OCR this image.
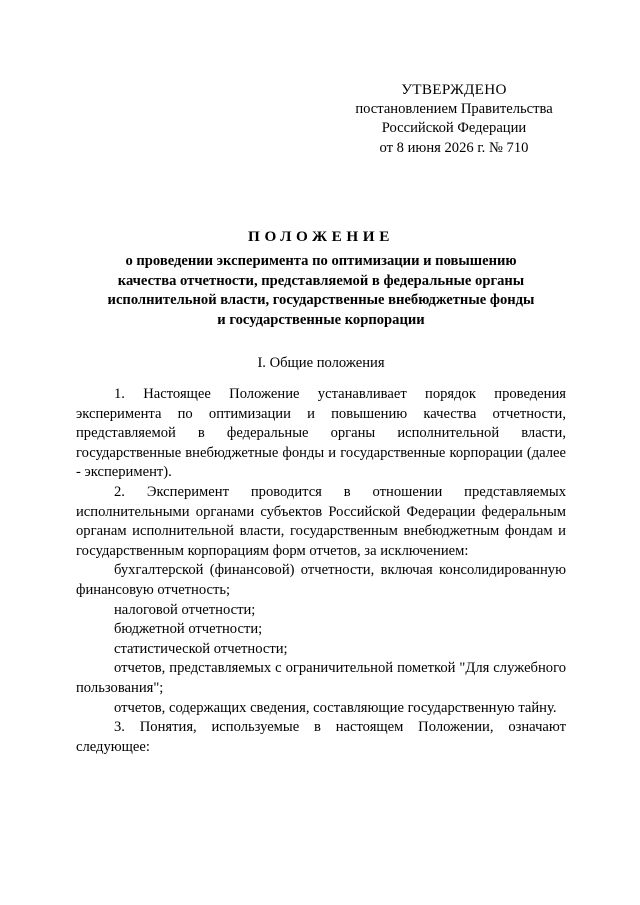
УТВЕРЖДЕНО
постановлением Правительства
Российской Федерации
от 8 июня 2026 г. № 710
ПОЛОЖЕНИЕ
о проведении эксперимента по оптимизации и повышению
качества отчетности, представляемой в федеральные органы
исполнительной власти, государственные внебюджетные фонды
и государственные корпорации
I. Общие положения

1. Настоящее Положение устанавливает порядок проведения эксперимента по оптимизации и повышению качества отчетности, представляемой в федеральные органы исполнительной власти, государственные внебюджетные фонды и государственные корпорации (далее - эксперимент).

2. Эксперимент проводится в отношении представляемых исполнительными органами субъектов Российской Федерации федеральным органам исполнительной власти, государственным внебюджетным фондам и государственным корпорациям форм отчетов, за исключением:

бухгалтерской (финансовой) отчетности, включая консолидированную финансовую отчетность;

налоговой отчетности;

бюджетной отчетности;

статистической отчетности;

отчетов, представляемых с ограничительной пометкой "Для служебного пользования";

отчетов, содержащих сведения, составляющие государственную тайну.

3. Понятия, используемые в настоящем Положении, означают следующее:
